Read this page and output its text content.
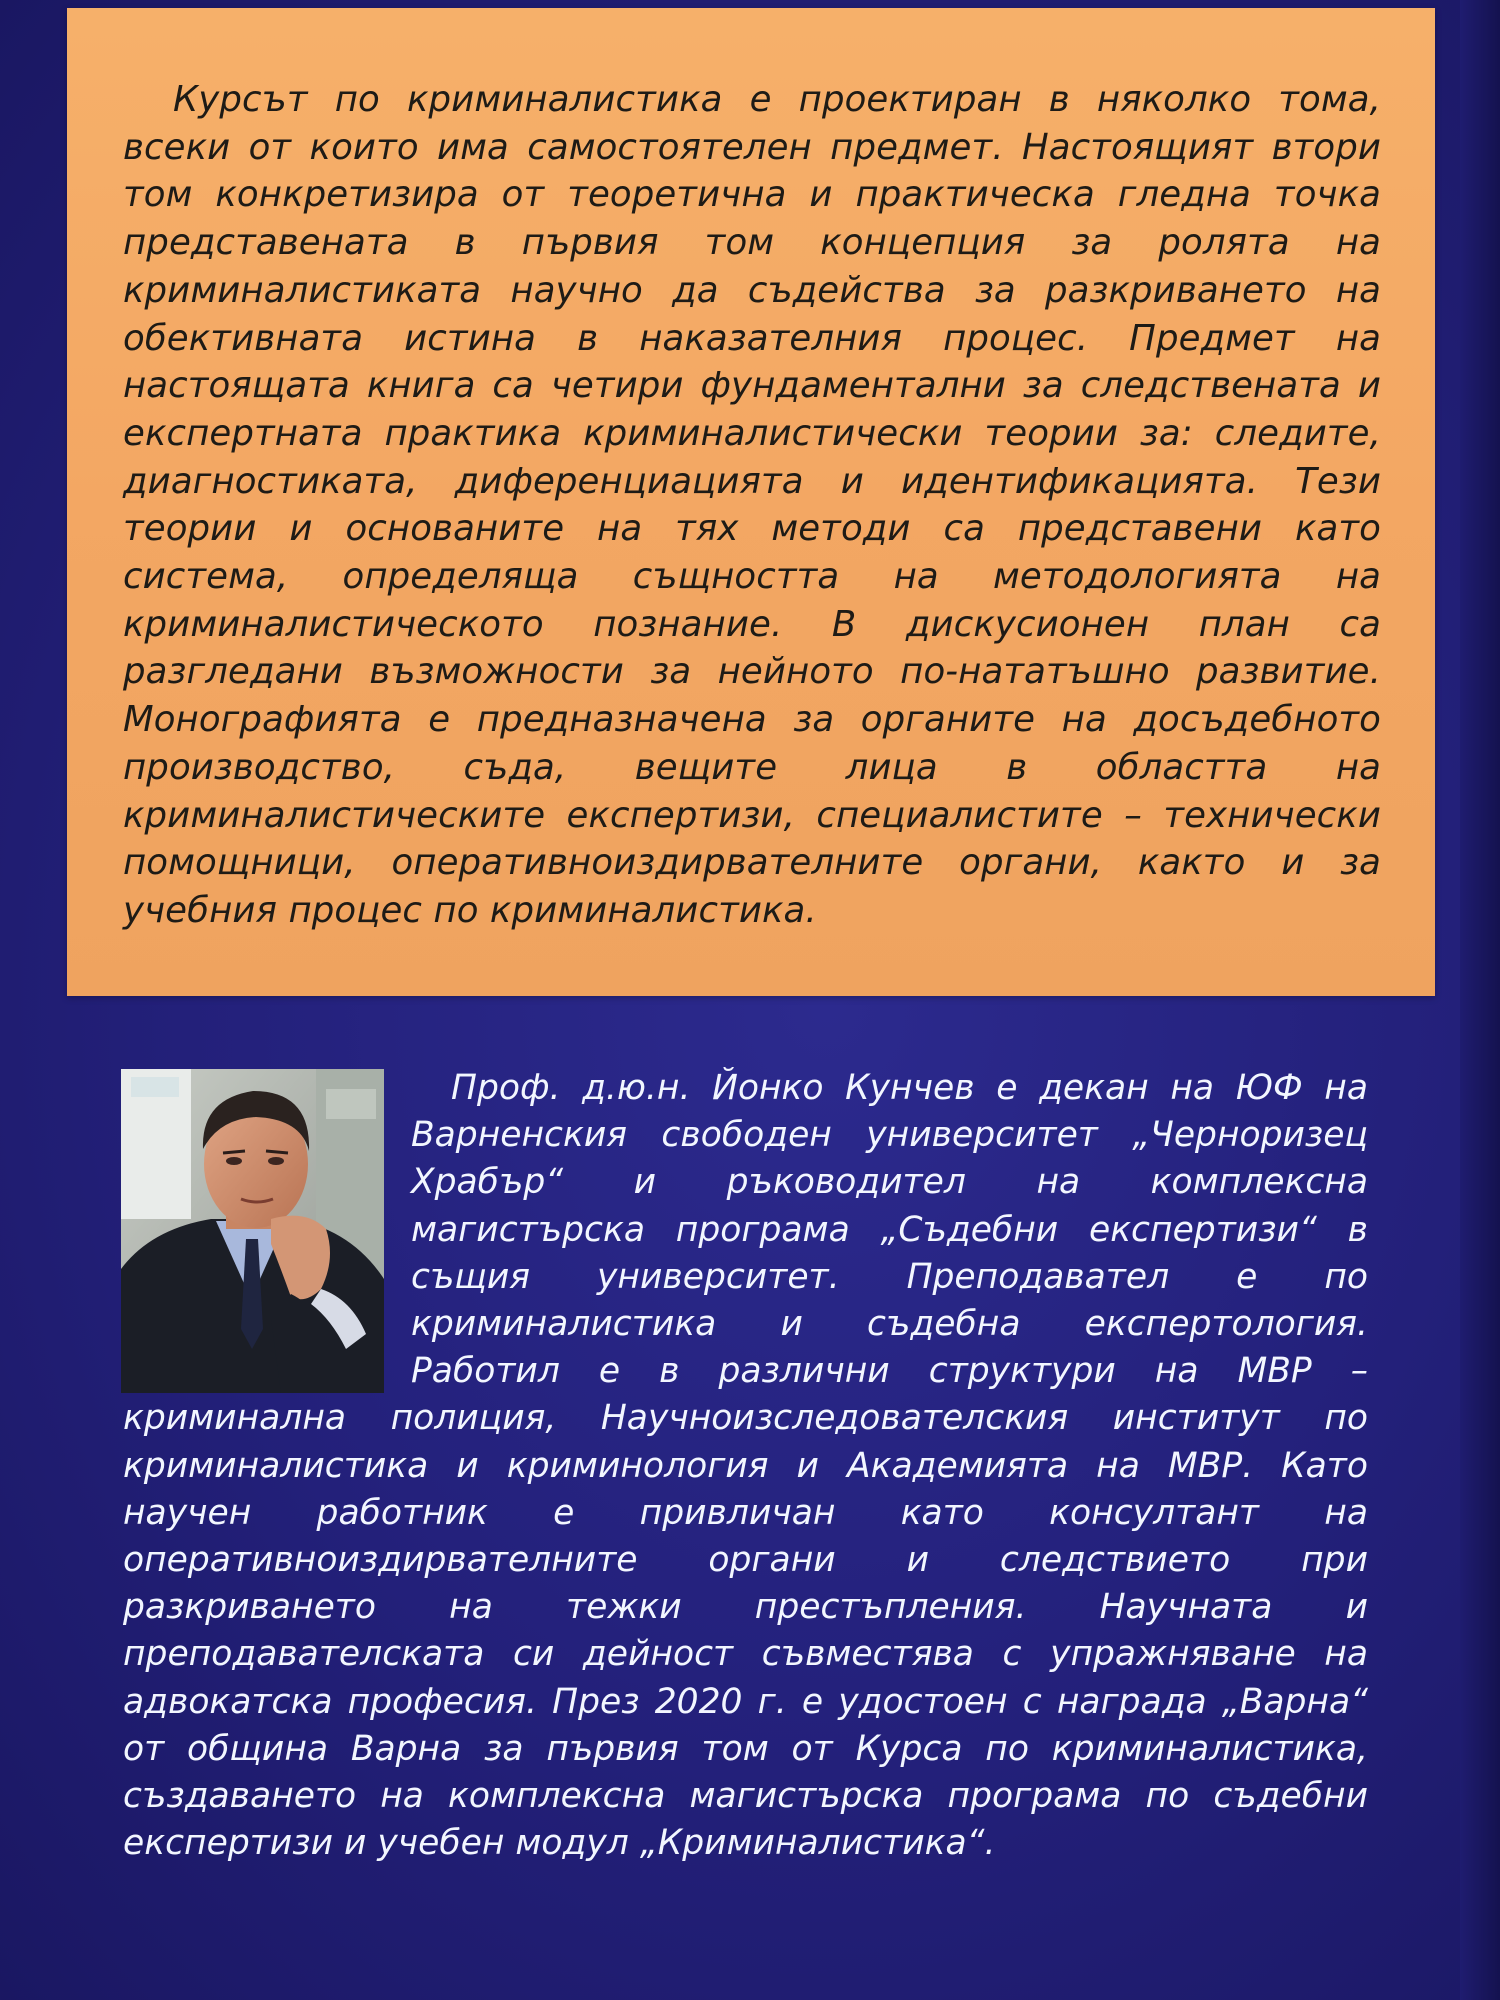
Курсът по криминалистика е проектиран в няколко тома, всеки от които има самостоятелен предмет. Настоящият втори том конкретизира от теоретична и практическа гледна точка представената в първия том концепция за ролята на криминалистиката научно да съдейства за разкриването на обективната истина в наказателния процес. Предмет на настоящата книга са четири фундаментални за следствената и експертната практика криминалистически теории за: следите, диагностиката, диференциацията и идентификацията. Тези теории и основаните на тях методи са представени като система, определяща същността на методологията на криминалистическото познание. В дискусионен план са разгледани възможности за нейното по-нататъшно развитие. Монографията е предназначена за органите на досъдебното производство, съда, вещите лица в областта на криминалистическите експертизи, специалистите – технически помощници, оперативноиздирвателните органи, както и за учебния процес по криминалистика.

Проф. д.ю.н. Йонко Кунчев е декан на ЮФ на Варненския свободен университет „Черноризец Храбър“ и ръководител на комплексна магистърска програма „Съдебни експертизи“ в същия университет. Преподавател е по криминалистика и съдебна експертология. Работил е в различни структури на МВР – криминална полиция, Научноизследователския институт по криминалистика и криминология и Академията на МВР. Като научен работник е привличан като консултант на оперативноиздирвателните органи и следствието при разкриването на тежки престъпления. Научната и преподавателската си дейност съвместява с упражняване на адвокатска професия. През 2020 г. е удостоен с награда „Варна“ от община Варна за първия том от Курса по криминалистика, създаването на комплексна магистърска програма по съдебни експертизи и учебен модул „Криминалистика“.
